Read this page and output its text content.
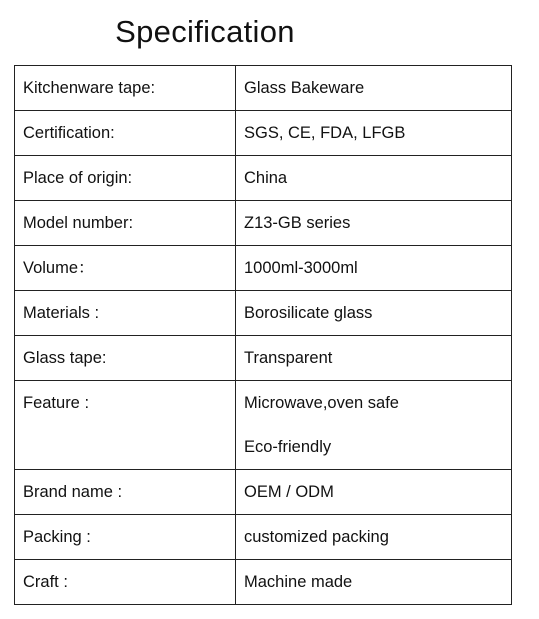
Specification
Kitchenware tape:	Glass Bakeware

Certification:	SGS, CE, FDA, LFGB

Place of origin:	China

Model number:	Z13-GB series

Volume：	1000ml-3000ml

Materials :	Borosilicate glass

Glass tape:	Transparent

Feature :	Microwave,oven safe
Eco-friendly

Brand name :	OEM / ODM

Packing :	customized packing

Craft :	Machine made
